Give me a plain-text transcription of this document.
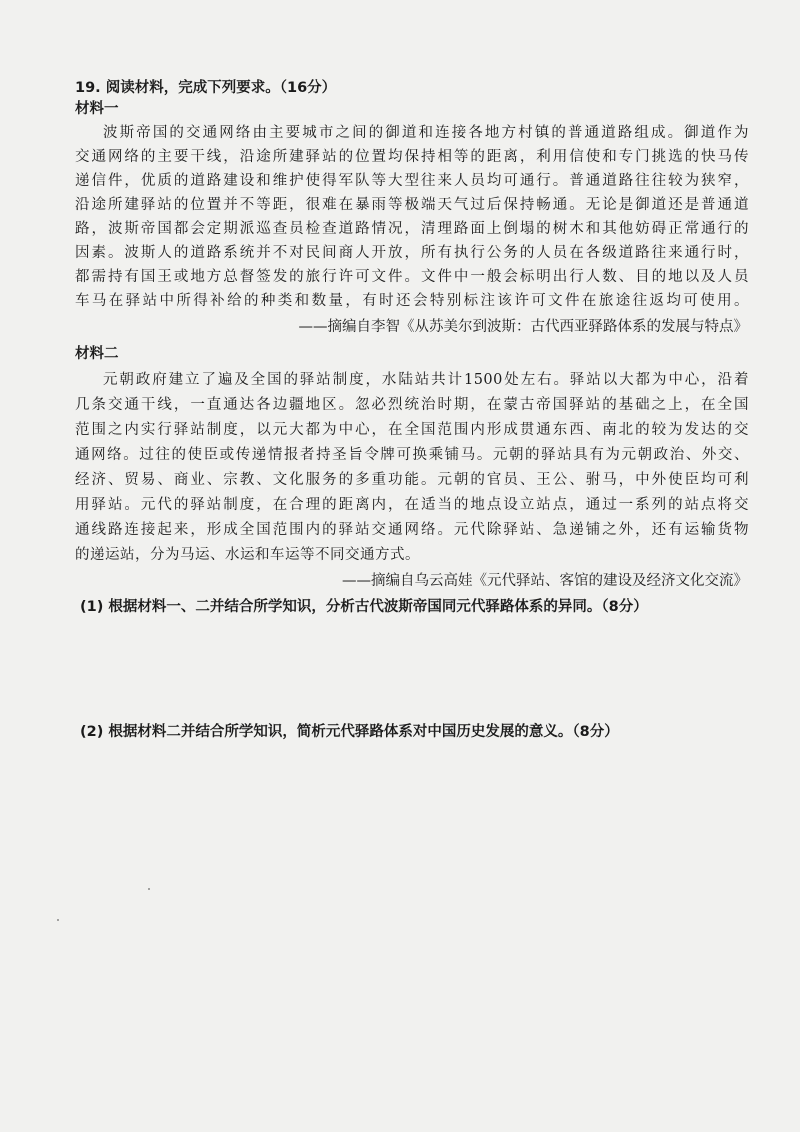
19. 阅读材料，完成下列要求。（16分）
材料一
波斯帝国的交通网络由主要城市之间的御道和连接各地方村镇的普通道路组成。御道作为
交通网络的主要干线，沿途所建驿站的位置均保持相等的距离，利用信使和专门挑选的快马传
递信件，优质的道路建设和维护使得军队等大型往来人员均可通行。普通道路往往较为狭窄，
沿途所建驿站的位置并不等距，很难在暴雨等极端天气过后保持畅通。无论是御道还是普通道
路，波斯帝国都会定期派巡查员检查道路情况，清理路面上倒塌的树木和其他妨碍正常通行的
因素。波斯人的道路系统并不对民间商人开放，所有执行公务的人员在各级道路往来通行时，
都需持有国王或地方总督签发的旅行许可文件。文件中一般会标明出行人数、目的地以及人员
车马在驿站中所得补给的种类和数量，有时还会特别标注该许可文件在旅途往返均可使用。
——摘编自李智《从苏美尔到波斯：古代西亚驿路体系的发展与特点》
材料二
元朝政府建立了遍及全国的驿站制度，水陆站共计1500处左右。驿站以大都为中心，沿着
几条交通干线，一直通达各边疆地区。忽必烈统治时期，在蒙古帝国驿站的基础之上，在全国
范围之内实行驿站制度，以元大都为中心，在全国范围内形成贯通东西、南北的较为发达的交
通网络。过往的使臣或传递情报者持圣旨令牌可换乘铺马。元朝的驿站具有为元朝政治、外交、
经济、贸易、商业、宗教、文化服务的多重功能。元朝的官员、王公、驸马，中外使臣均可利
用驿站。元代的驿站制度，在合理的距离内，在适当的地点设立站点，通过一系列的站点将交
通线路连接起来，形成全国范围内的驿站交通网络。元代除驿站、急递铺之外，还有运输货物
的递运站，分为马运、水运和车运等不同交通方式。
——摘编自乌云高娃《元代驿站、客馆的建设及经济文化交流》
(1) 根据材料一、二并结合所学知识，分析古代波斯帝国同元代驿路体系的异同。（8分）
(2) 根据材料二并结合所学知识，简析元代驿路体系对中国历史发展的意义。（8分）
